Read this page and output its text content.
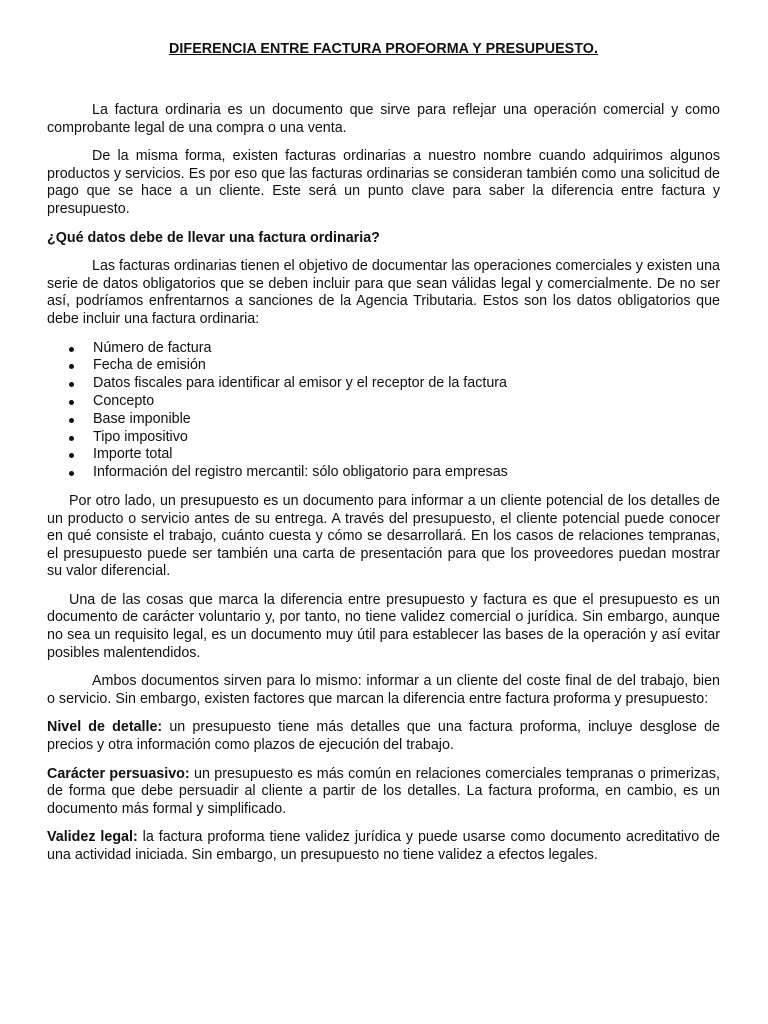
DIFERENCIA ENTRE FACTURA PROFORMA Y PRESUPUESTO.

La factura ordinaria es un documento que sirve para reflejar una operación comercial y como comprobante legal de una compra o una venta.

De la misma forma, existen facturas ordinarias a nuestro nombre cuando adquirimos algunos productos y servicios. Es por eso que las facturas ordinarias se consideran también como una solicitud de pago que se hace a un cliente. Este será un punto clave para saber la diferencia entre factura y presupuesto.

¿Qué datos debe de llevar una factura ordinaria?

Las facturas ordinarias tienen el objetivo de documentar las operaciones comerciales y existen una serie de datos obligatorios que se deben incluir para que sean válidas legal y comercialmente. De no ser así, podríamos enfrentarnos a sanciones de la Agencia Tributaria. Estos son los datos obligatorios que debe incluir una factura ordinaria:

Número de factura
Fecha de emisión
Datos fiscales para identificar al emisor y el receptor de la factura
Concepto
Base imponible
Tipo impositivo
Importe total
Información del registro mercantil: sólo obligatorio para empresas

Por otro lado, un presupuesto es un documento para informar a un cliente potencial de los detalles de un producto o servicio antes de su entrega. A través del presupuesto, el cliente potencial puede conocer en qué consiste el trabajo, cuánto cuesta y cómo se desarrollará. En los casos de relaciones tempranas, el presupuesto puede ser también una carta de presentación para que los proveedores puedan mostrar su valor diferencial.

Una de las cosas que marca la diferencia entre presupuesto y factura es que el presupuesto es un documento de carácter voluntario y, por tanto, no tiene validez comercial o jurídica. Sin embargo, aunque no sea un requisito legal, es un documento muy útil para establecer las bases de la operación y así evitar posibles malentendidos.

Ambos documentos sirven para lo mismo: informar a un cliente del coste final de del trabajo, bien o servicio. Sin embargo, existen factores que marcan la diferencia entre factura proforma y presupuesto:

Nivel de detalle: un presupuesto tiene más detalles que una factura proforma, incluye desglose de precios y otra información como plazos de ejecución del trabajo.

Carácter persuasivo: un presupuesto es más común en relaciones comerciales tempranas o primerizas, de forma que debe persuadir al cliente a partir de los detalles. La factura proforma, en cambio, es un documento más formal y simplificado.

Validez legal: la factura proforma tiene validez jurídica y puede usarse como documento acreditativo de una actividad iniciada. Sin embargo, un presupuesto no tiene validez a efectos legales.
